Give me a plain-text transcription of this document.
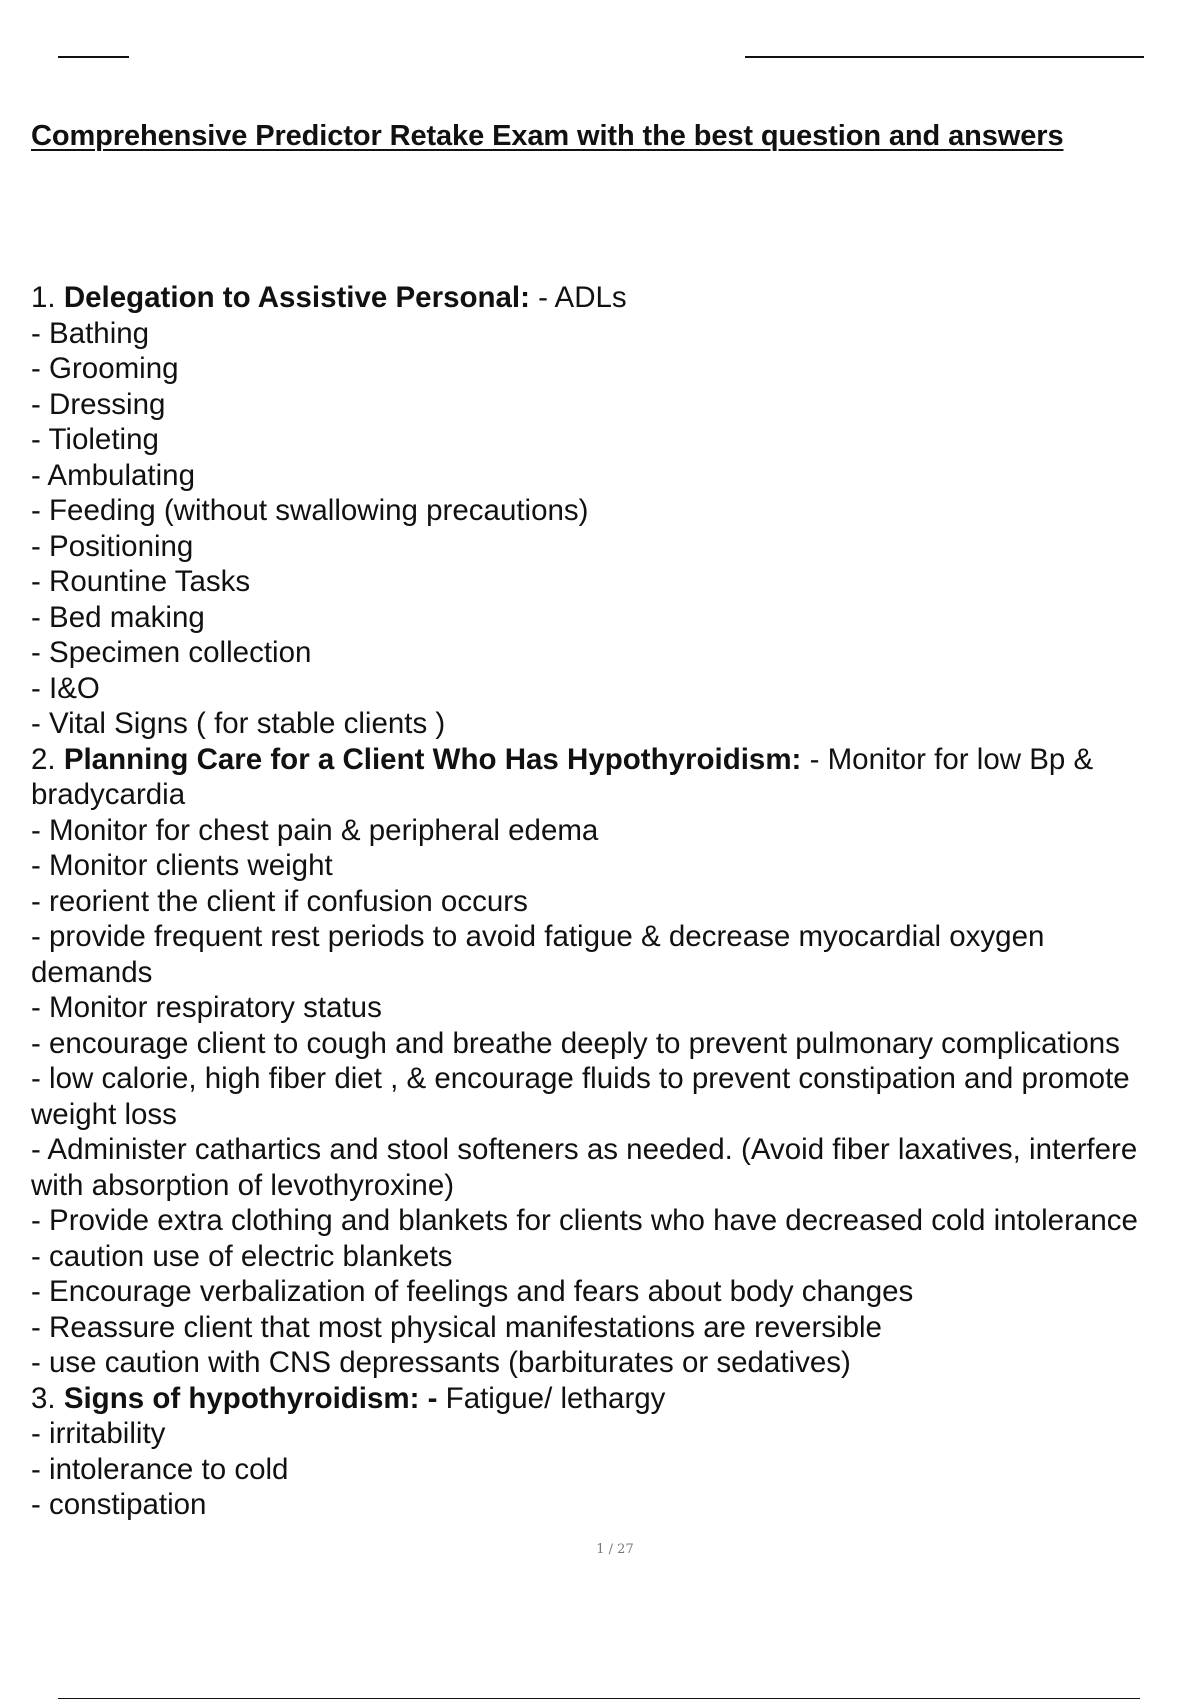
Comprehensive Predictor Retake Exam with the best question and answers
1. Delegation to Assistive Personal: - ADLs
- Bathing
- Grooming
- Dressing
- Tioleting
- Ambulating
- Feeding (without swallowing precautions)
- Positioning
- Rountine Tasks
- Bed making
- Specimen collection
- I&O
- Vital Signs ( for stable clients )
2. Planning Care for a Client Who Has Hypothyroidism: - Monitor for low Bp &
bradycardia
- Monitor for chest pain & peripheral edema
- Monitor clients weight
- reorient the client if confusion occurs
- provide frequent rest periods to avoid fatigue & decrease myocardial oxygen
demands
- Monitor respiratory status
- encourage client to cough and breathe deeply to prevent pulmonary complications
- low calorie, high fiber diet , & encourage fluids to prevent constipation and promote
weight loss
- Administer cathartics and stool softeners as needed. (Avoid fiber laxatives, interfere
with absorption of levothyroxine)
- Provide extra clothing and blankets for clients who have decreased cold intolerance
- caution use of electric blankets
- Encourage verbalization of feelings and fears about body changes
- Reassure client that most physical manifestations are reversible
- use caution with CNS depressants (barbiturates or sedatives)
3. Signs of hypothyroidism: - Fatigue/ lethargy
- irritability
- intolerance to cold
- constipation
1 / 27
